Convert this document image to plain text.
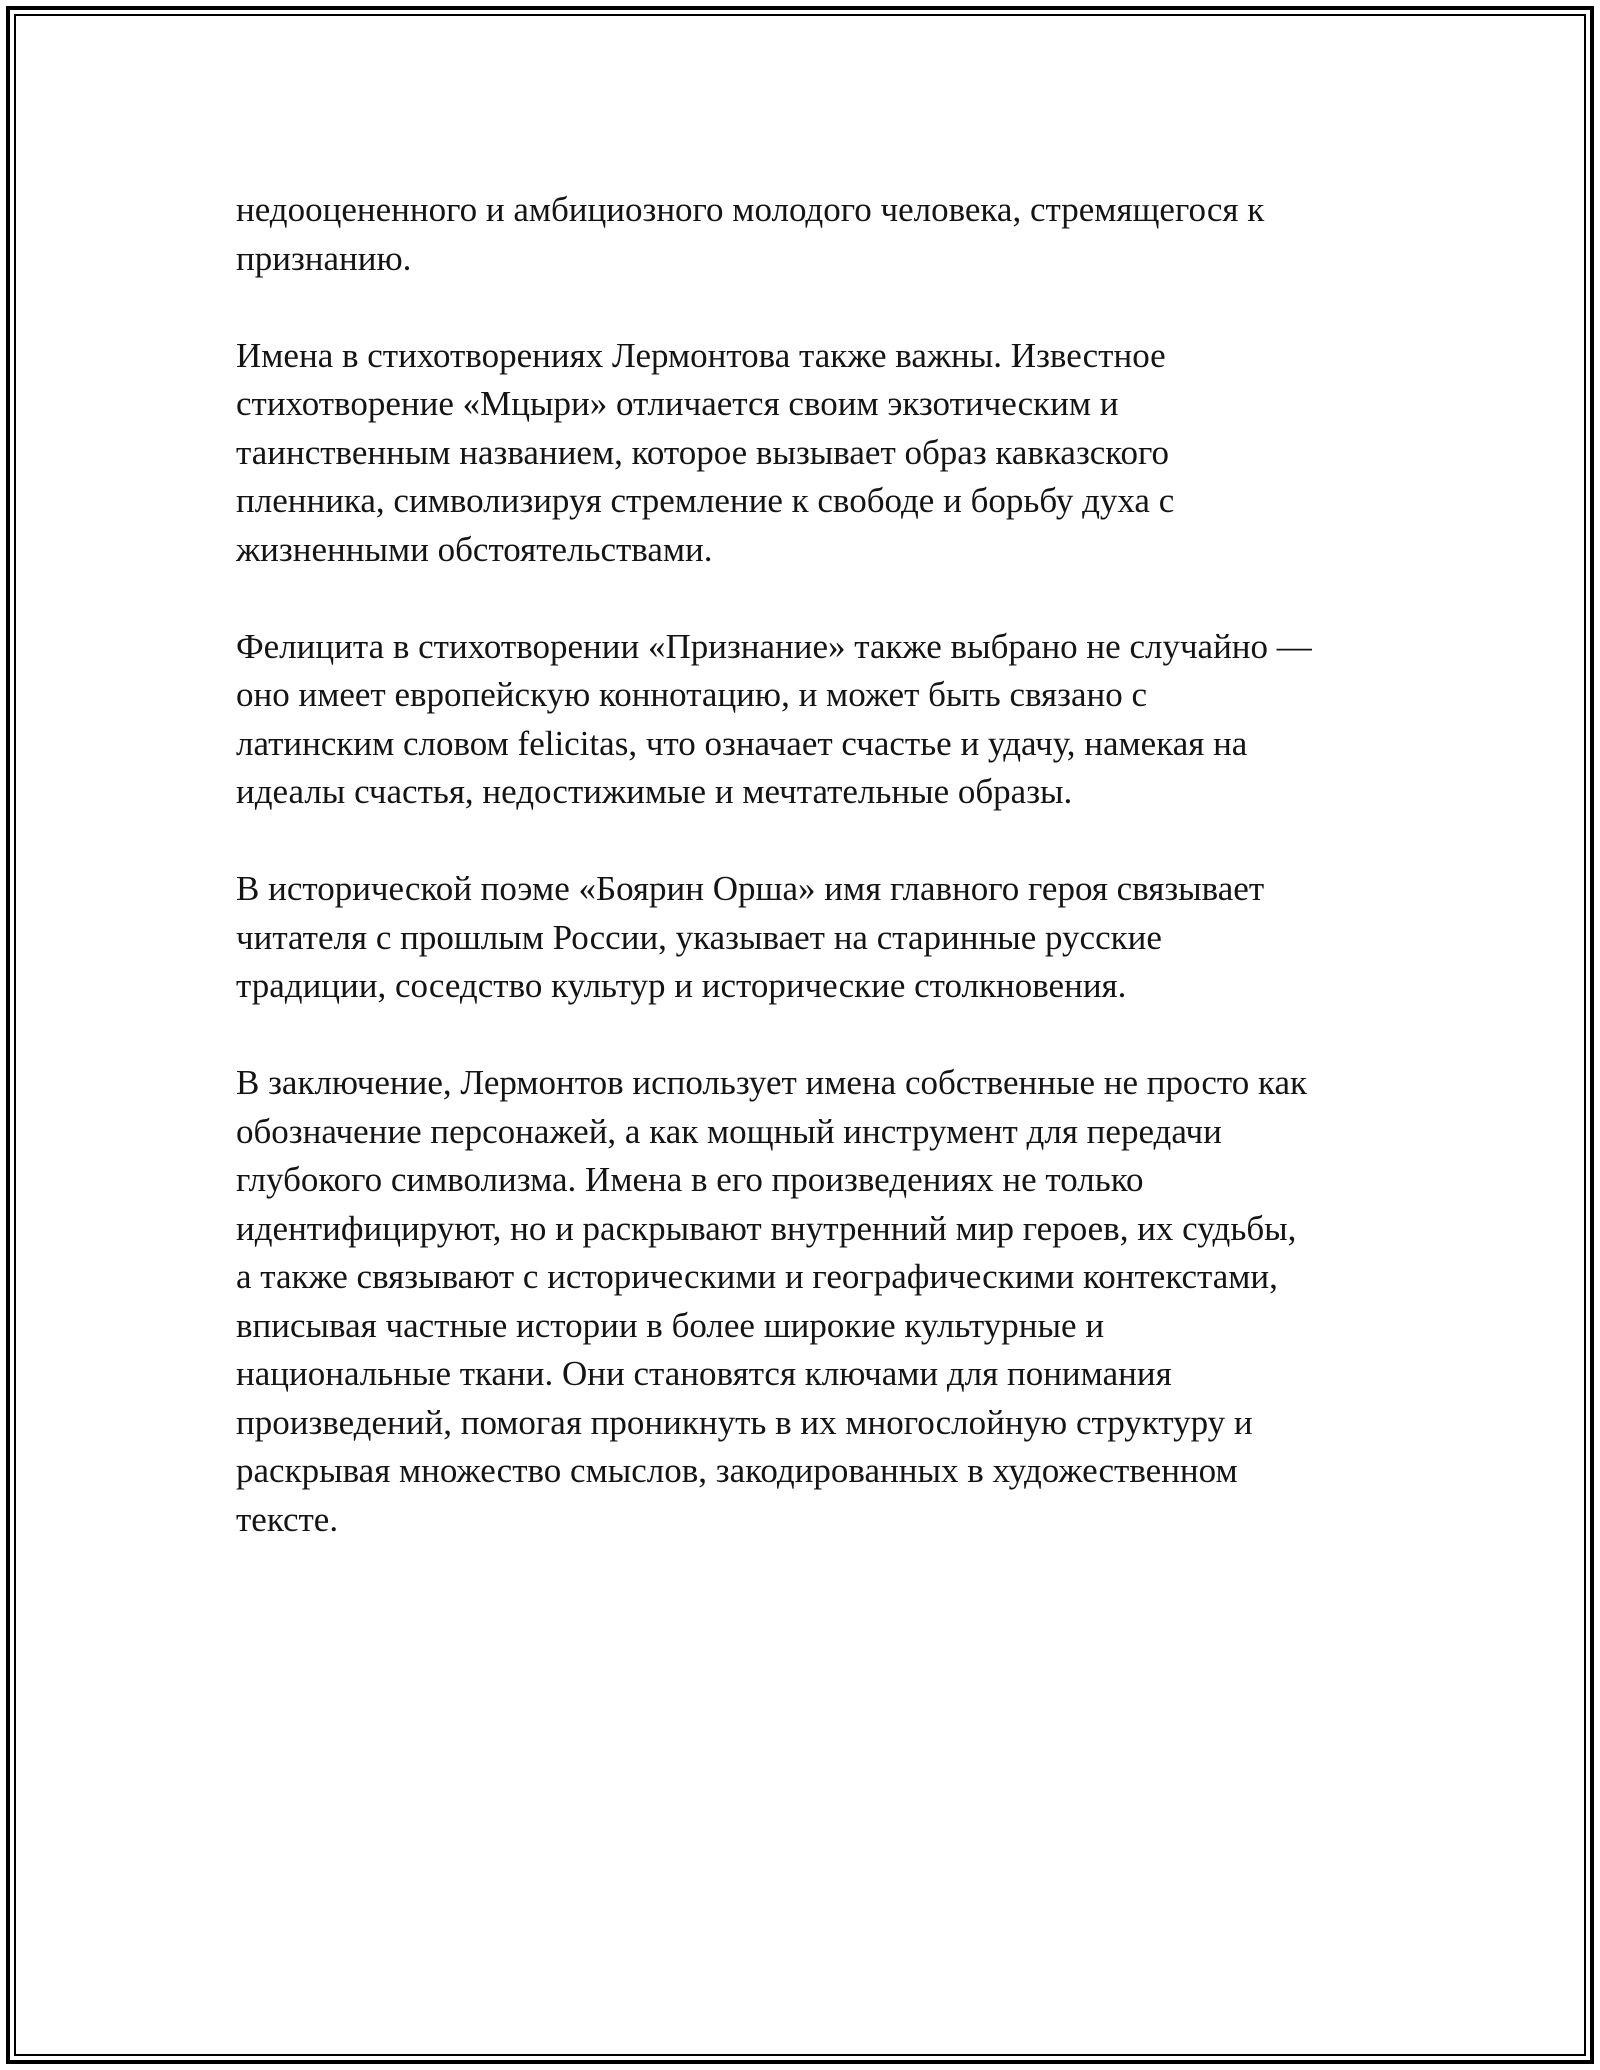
недооцененного и амбициозного молодого человека, стремящегося к
признанию.

Имена в стихотворениях Лермонтова также важны. Известное
стихотворение «Мцыри» отличается своим экзотическим и
таинственным названием, которое вызывает образ кавказского
пленника, символизируя стремление к свободе и борьбу духа с
жизненными обстоятельствами.

Фелицита в стихотворении «Признание» также выбрано не случайно —
оно имеет европейскую коннотацию, и может быть связано с
латинским словом felicitas, что означает счастье и удачу, намекая на
идеалы счастья, недостижимые и мечтательные образы.

В исторической поэме «Боярин Орша» имя главного героя связывает
читателя с прошлым России, указывает на старинные русские
традиции, соседство культур и исторические столкновения.

В заключение, Лермонтов использует имена собственные не просто как
обозначение персонажей, а как мощный инструмент для передачи
глубокого символизма. Имена в его произведениях не только
идентифицируют, но и раскрывают внутренний мир героев, их судьбы,
а также связывают с историческими и географическими контекстами,
вписывая частные истории в более широкие культурные и
национальные ткани. Они становятся ключами для понимания
произведений, помогая проникнуть в их многослойную структуру и
раскрывая множество смыслов, закодированных в художественном
тексте.
